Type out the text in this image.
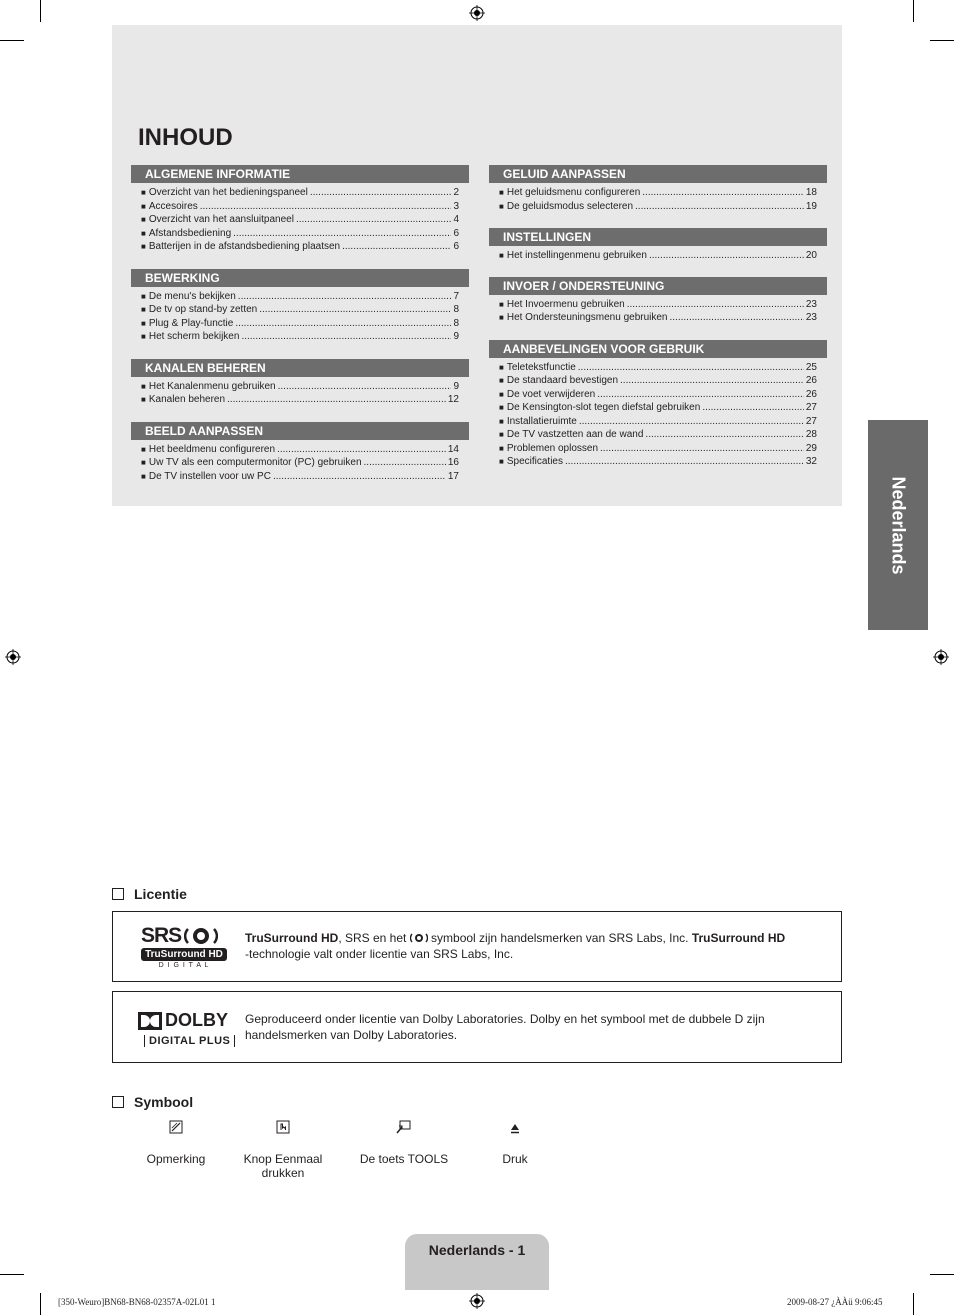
INHOUD
ALGEMENE INFORMATIE
■ Overzicht van het bedieningspaneel .....	2
■ Accesoires .....	3
■ Overzicht van het aansluitpaneel .....	4
■ Afstandsbediening .....	6
■ Batterijen in de afstandsbediening plaatsen .....	6
BEWERKING
■ De menu's bekijken .....	7
■ De tv op stand-by zetten .....	8
■ Plug & Play-functie .....	8
■ Het scherm bekijken .....	9
KANALEN BEHEREN
■ Het Kanalenmenu gebruiken .....	9
■ Kanalen beheren .....	12
BEELD AANPASSEN
■ Het beeldmenu configureren .....	14
■ Uw TV als een computermonitor (PC) gebruiken .....	16
■ De TV instellen voor uw PC .....	17
GELUID AANPASSEN
■ Het geluidsmenu configureren .....	18
■ De geluidsmodus selecteren .....	19
INSTELLINGEN
■ Het instellingenmenu gebruiken .....	20
INVOER / ONDERSTEUNING
■ Het Invoermenu gebruiken .....	23
■ Het Ondersteuningsmenu gebruiken .....	23
AANBEVELINGEN VOOR GEBRUIK
■ Teletekstfunctie .....	25
■ De standaard bevestigen .....	26
■ De voet verwijderen .....	26
■ De Kensington-slot tegen diefstal gebruiken .....	27
■ Installatieruimte .....	27
■ De TV vastzetten aan de wand .....	28
■ Problemen oplossen .....	29
■ Specificaties .....	32
Nederlands
Licentie
SRS
TruSurround HD
D I G I T A L
TruSurround HD, SRS en het  symbool zijn handelsmerken van SRS Labs, Inc. TruSurround HD
-technologie valt onder licentie van SRS Labs, Inc.
DOLBY
DIGITAL PLUS
Geproduceerd onder licentie van Dolby Laboratories. Dolby en het symbool met de dubbele D zijn handelsmerken van Dolby Laboratories.
Symbool
Opmerking	Knop Eenmaal drukken
De toets TOOLS	Druk
Nederlands - 1
[350-Weuro]BN68-BN68-02357A-02L01 1	2009-08-27 ¿ÀÀü 9:06:45
